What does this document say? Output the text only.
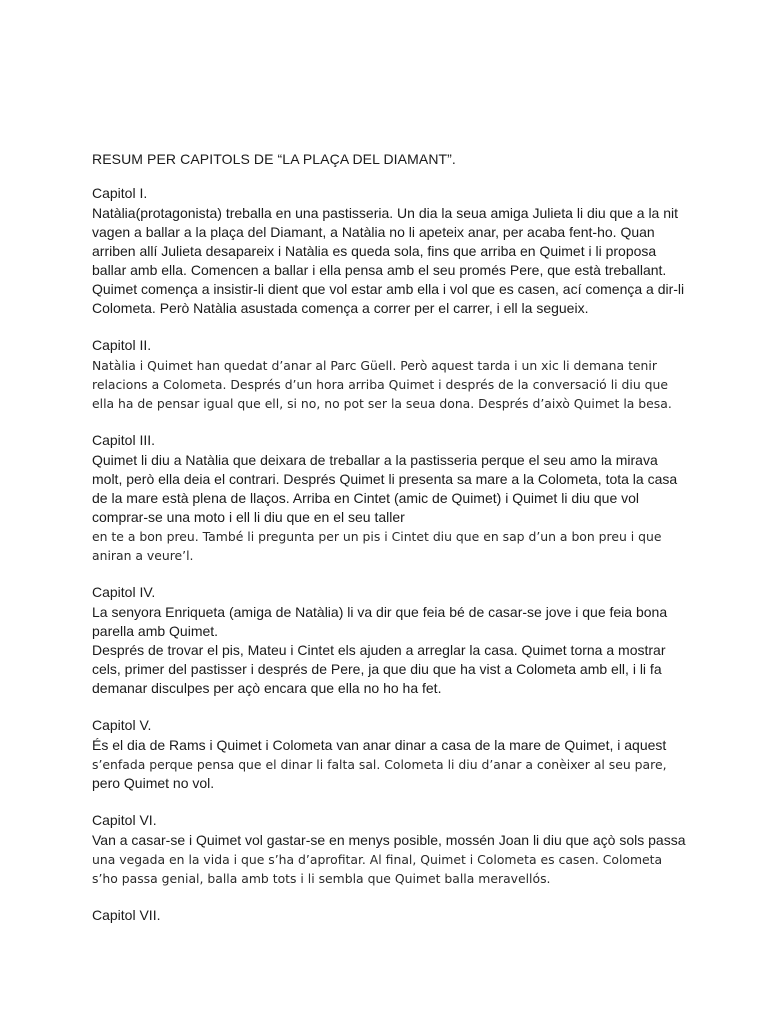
RESUM PER CAPITOLS DE “LA PLAÇA DEL DIAMANT”.

Capitol I.

Natàlia(protagonista) treballa en una pastisseria. Un dia la seua amiga Julieta li diu que a la nit
vagen a ballar a la plaça del Diamant, a Natàlia no li apeteix anar, per acaba fent-ho. Quan
arriben allí Julieta desapareix i Natàlia es queda sola, fins que arriba en Quimet i li proposa
ballar amb ella. Comencen a ballar i ella pensa amb el seu promés Pere, que està treballant.
Quimet comença a insistir-li dient que vol estar amb ella i vol que es casen, ací comença a dir-li
Colometa. Però Natàlia asustada comença a correr per el carrer, i ell la segueix.

Capitol II.

Natàlia i Quimet han quedat d’anar al Parc Güell. Però aquest tarda i un xic li demana tenir
relacions a Colometa. Després d’un hora arriba Quimet i després de la conversació li diu que
ella ha de pensar igual que ell, si no, no pot ser la seua dona. Després d’això Quimet la besa.

Capitol III.

Quimet li diu a Natàlia que deixara de treballar a la pastisseria perque el seu amo la mirava
molt, però ella deia el contrari. Després Quimet li presenta sa mare a la Colometa, tota la casa
de la mare està plena de llaços. Arriba en Cintet (amic de Quimet) i Quimet li diu que vol
comprar-se una moto i ell li diu que en el seu taller
en te a bon preu. També li pregunta per un pis i Cintet diu que en sap d’un a bon preu i que
aniran a veure’l.

Capitol IV.

La senyora Enriqueta (amiga de Natàlia) li va dir que feia bé de casar-se jove i que feia bona
parella amb Quimet.
Després de trovar el pis, Mateu i Cintet els ajuden a arreglar la casa. Quimet torna a mostrar
cels, primer del pastisser i després de Pere, ja que diu que ha vist a Colometa amb ell, i li fa
demanar disculpes per açò encara que ella no ho ha fet.

Capitol V.

És el dia de Rams i Quimet i Colometa van anar dinar a casa de la mare de Quimet, i aquest
s’enfada perque pensa que el dinar li falta sal. Colometa li diu d’anar a conèixer al seu pare,
pero Quimet no vol.

Capitol VI.

Van a casar-se i Quimet vol gastar-se en menys posible, mossén Joan li diu que açò sols passa
una vegada en la vida i que s’ha d’aprofitar. Al final, Quimet i Colometa es casen. Colometa
s’ho passa genial, balla amb tots i li sembla que Quimet balla meravellós.

Capitol VII.
